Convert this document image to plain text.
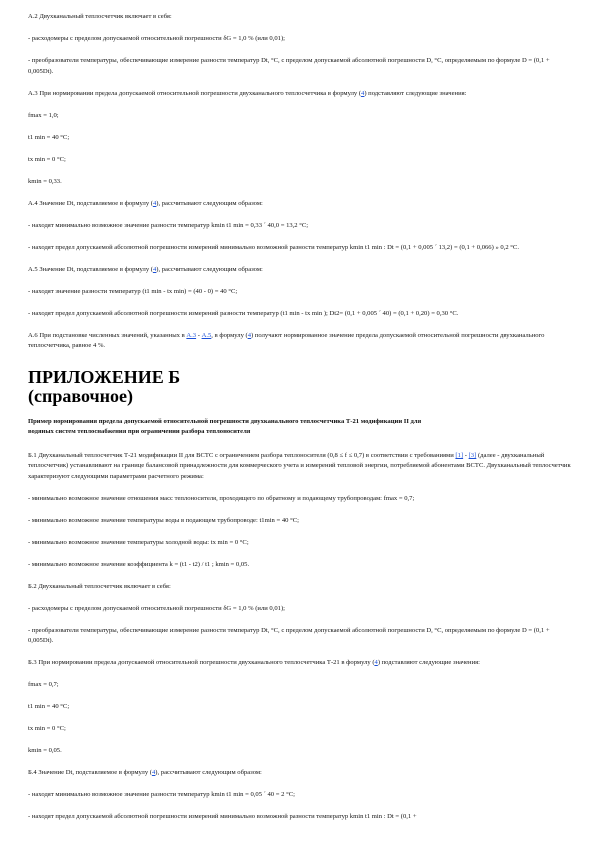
А.2 Двухканальный теплосчетчик включает в себя:

- расходомеры с пределом допускаемой относительной погрешности δG = 1,0 % (или 0,01);

- преобразователи температуры, обеспечивающие измерение разности температур Dt, °С, с пределом допускаемой абсолютной погрешности D, °С, определяемым по формуле D = (0,1 + 0,005Dt).

А.3 При нормировании предела допускаемой относительной погрешности двухканального теплосчетчика в формулу (4) подставляют следующие значения:

fmax = 1,0;

t1 min = 40 °С;

tx min = 0 °С;

kmin = 0,33.

А.4 Значение Dt, подставляемое в формулу (4), рассчитывают следующим образом:

- находят минимально возможное значение разности температур kmin t1 min = 0,33 ´ 40,0 = 13,2 °С;

- находят предел допускаемой абсолютной погрешности измерений минимально возможной разности температур kmin t1 min : Dt = (0,1 + 0,005 ´ 13,2) = (0,1 + 0,066) » 0,2 °С.

А.5 Значение Dt, подставляемое в формулу (4), рассчитывают следующим образом:

- находят значение разности температур (t1 min - tx min) = (40 - 0) = 40 °С;

- находят предел допускаемой абсолютной погрешности измерений разности температур (t1 min - tx min ); Dt2= (0,1 + 0,005 ´ 40) = (0,1 + 0,20) = 0,30 °С.

А.6 При подстановке численных значений, указанных в А.3 - А.5, в формулу (4) получают нормированное значение предела допускаемой относительной погрешности двухканального теплосчетчика, равное 4 %.

ПРИЛОЖЕНИЕ Б
(справочное)

Пример нормирования предела допускаемой относительной погрешности двухканального теплосчетчика Т-21 модификации II для водяных систем теплоснабжения при ограничении разбора теплоносителя

Б.1 Двухканальный теплосчетчик Т-21 модификации II для ВСТС с ограничением разбора теплоносителя (0,8 ≤ f ≤ 0,7) в соответствии с требованиями [1] - [3] (далее - двухканальный теплосчетчик) устанавливают на границе балансовой принадлежности для коммерческого учета и измерений тепловой энергии, потребляемой абонентами ВСТС. Двухканальный теплосчетчик характеризуют следующими параметрами расчетного режима:

- минимально возможное значение отношения масс теплоносителя, проходящего по обратному и подающему трубопроводам: fmax = 0,7;

- минимально возможное значение температуры воды в подающем трубопроводе: t1min = 40 °С;

- минимально возможное значение температуры холодной воды: tx min = 0 °С;

- минимально возможное значение коэффициента k = (t1 - t2) / t1 ; kmin = 0,05.

Б.2 Двухканальный теплосчетчик включает в себя:

- расходомеры с пределом допускаемой относительной погрешности δG = 1,0 % (или 0,01);

- преобразователи температуры, обеспечивающие измерение разности температур Dt, °С, с пределом допускаемой абсолютной погрешности D, °С, определяемым по формуле D = (0,1 + 0,005Dt).

Б.3 При нормировании предела допускаемой относительной погрешности двухканального теплосчетчика Т-21 в формулу (4) подставляют следующие значения:

fmax = 0,7;

t1 min = 40 °С;

tx min = 0 °С;

kmin = 0,05.

Б.4 Значение Dt, подставляемое в формулу (4), рассчитывают следующим образом:

- находят минимально возможное значение разности температур kmin t1 min = 0,05 ´ 40 = 2 °С;

- находят предел допускаемой абсолютной погрешности измерений минимально возможной разности температур kmin t1 min : Dt = (0,1 +
